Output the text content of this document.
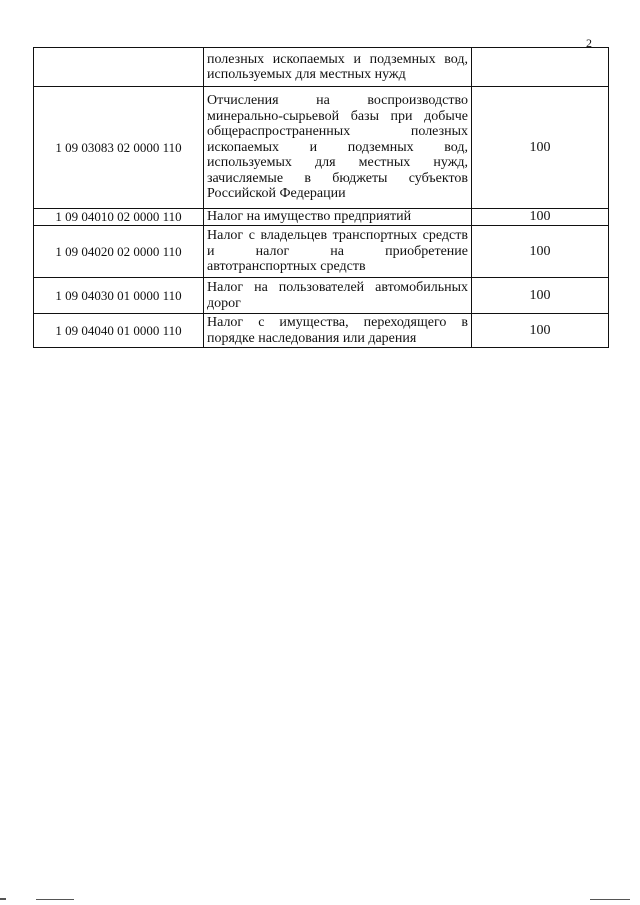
2
	полезных ископаемых и подземных вод, используемых для местных нужд	
1 09 03083 02 0000 110	Отчисления на воспроизводство минерально-сырьевой базы при добыче общераспространенных полезных ископаемых и подземных вод, используемых для местных нужд, зачисляемые в бюджеты субъектов Российской Федерации	100
1 09 04010 02 0000 110	Налог на имущество предприятий	100
1 09 04020 02 0000 110	Налог с владельцев транспортных средств и налог на приобретение автотранспортных средств	100
1 09 04030 01 0000 110	Налог на пользователей автомобильных дорог	100
1 09 04040 01 0000 110	Налог с имущества, переходящего в порядке наследования или дарения	100
